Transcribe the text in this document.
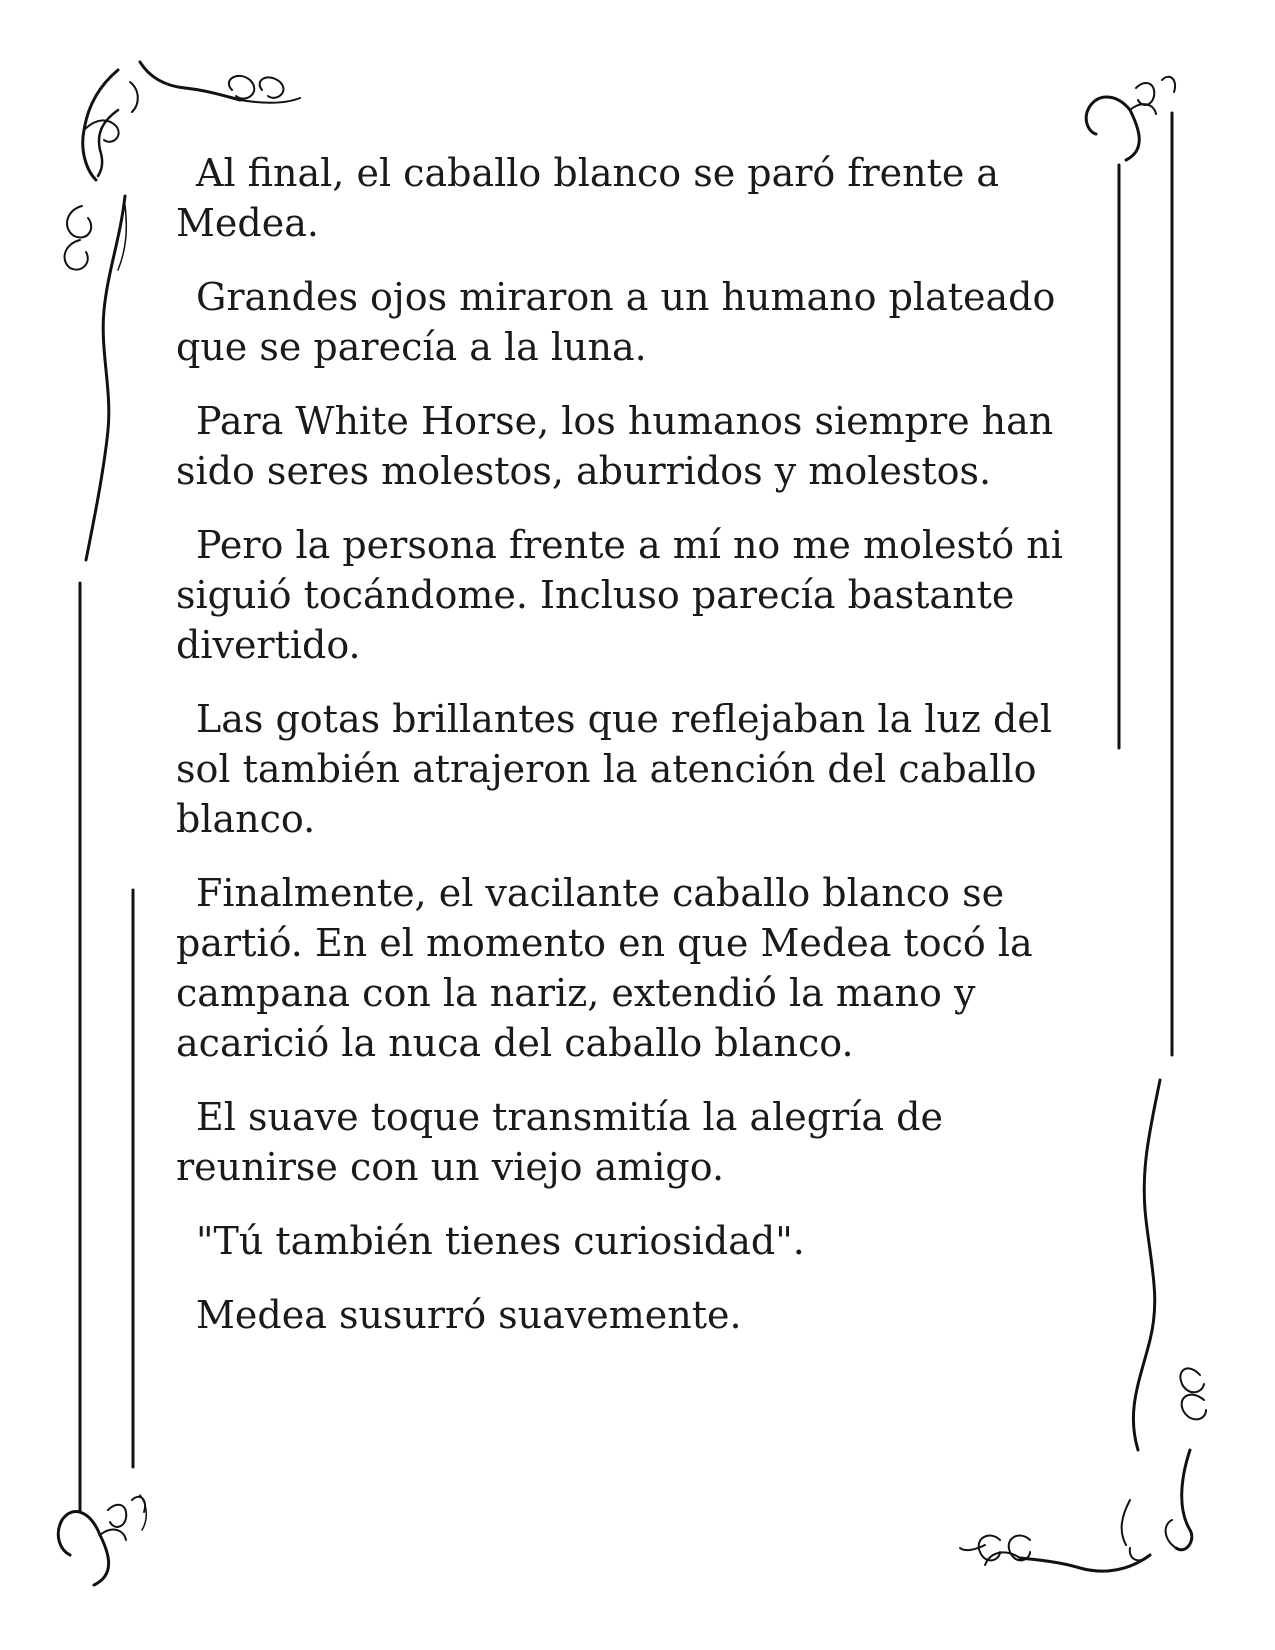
Al final, el caballo blanco se paró frente a Medea.

Grandes ojos miraron a un humano plateado que se parecía a la luna.

Para White Horse, los humanos siempre han sido seres molestos, aburridos y molestos.

Pero la persona frente a mí no me molestó ni siguió tocándome. Incluso parecía bastante divertido.

Las gotas brillantes que reflejaban la luz del sol también atrajeron la atención del caballo blanco.

Finalmente, el vacilante caballo blanco se partió. En el momento en que Medea tocó la campana con la nariz, extendió la mano y acarició la nuca del caballo blanco.

El suave toque transmitía la alegría de reunirse con un viejo amigo.

"Tú también tienes curiosidad".

Medea susurró suavemente.
